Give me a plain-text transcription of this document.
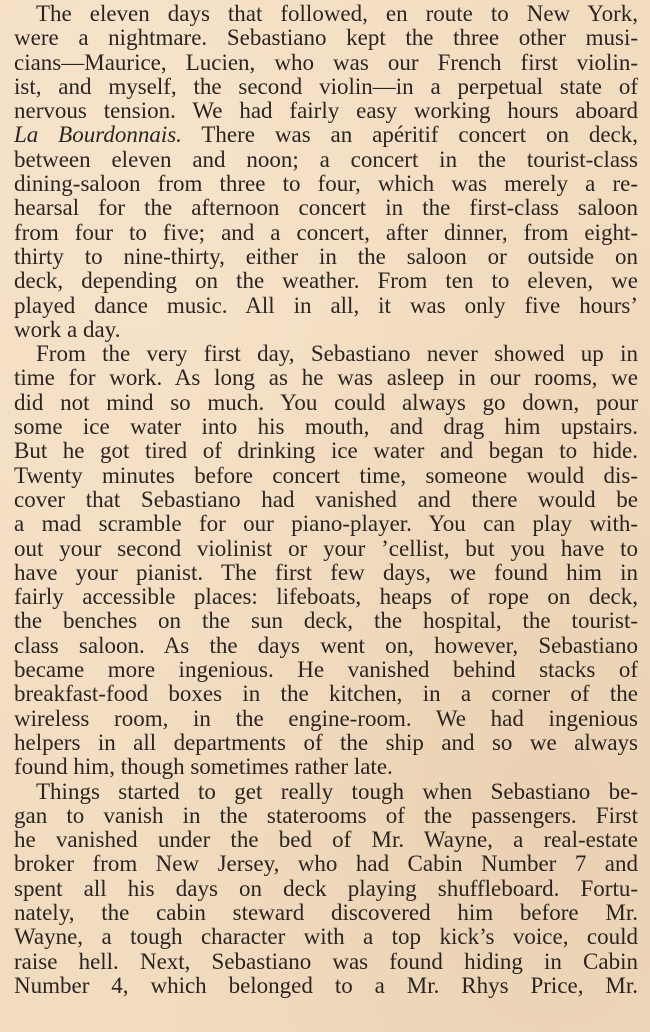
The eleven days that followed, en route to New York,
were a nightmare. Sebastiano kept the three other musi-
cians—Maurice, Lucien, who was our French first violin-
ist, and myself, the second violin—in a perpetual state of
nervous tension. We had fairly easy working hours aboard
La Bourdonnais. There was an apéritif concert on deck,
between eleven and noon; a concert in the tourist-class
dining-saloon from three to four, which was merely a re-
hearsal for the afternoon concert in the first-class saloon
from four to five; and a concert, after dinner, from eight-
thirty to nine-thirty, either in the saloon or outside on
deck, depending on the weather. From ten to eleven, we
played dance music. All in all, it was only five hours’
work a day.
From the very first day, Sebastiano never showed up in
time for work. As long as he was asleep in our rooms, we
did not mind so much. You could always go down, pour
some ice water into his mouth, and drag him upstairs.
But he got tired of drinking ice water and began to hide.
Twenty minutes before concert time, someone would dis-
cover that Sebastiano had vanished and there would be
a mad scramble for our piano-player. You can play with-
out your second violinist or your ’cellist, but you have to
have your pianist. The first few days, we found him in
fairly accessible places: lifeboats, heaps of rope on deck,
the benches on the sun deck, the hospital, the tourist-
class saloon. As the days went on, however, Sebastiano
became more ingenious. He vanished behind stacks of
breakfast-food boxes in the kitchen, in a corner of the
wireless room, in the engine-room. We had ingenious
helpers in all departments of the ship and so we always
found him, though sometimes rather late.
Things started to get really tough when Sebastiano be-
gan to vanish in the staterooms of the passengers. First
he vanished under the bed of Mr. Wayne, a real-estate
broker from New Jersey, who had Cabin Number 7 and
spent all his days on deck playing shuffleboard. Fortu-
nately, the cabin steward discovered him before Mr.
Wayne, a tough character with a top kick’s voice, could
raise hell. Next, Sebastiano was found hiding in Cabin
Number 4, which belonged to a Mr. Rhys Price, Mr.
